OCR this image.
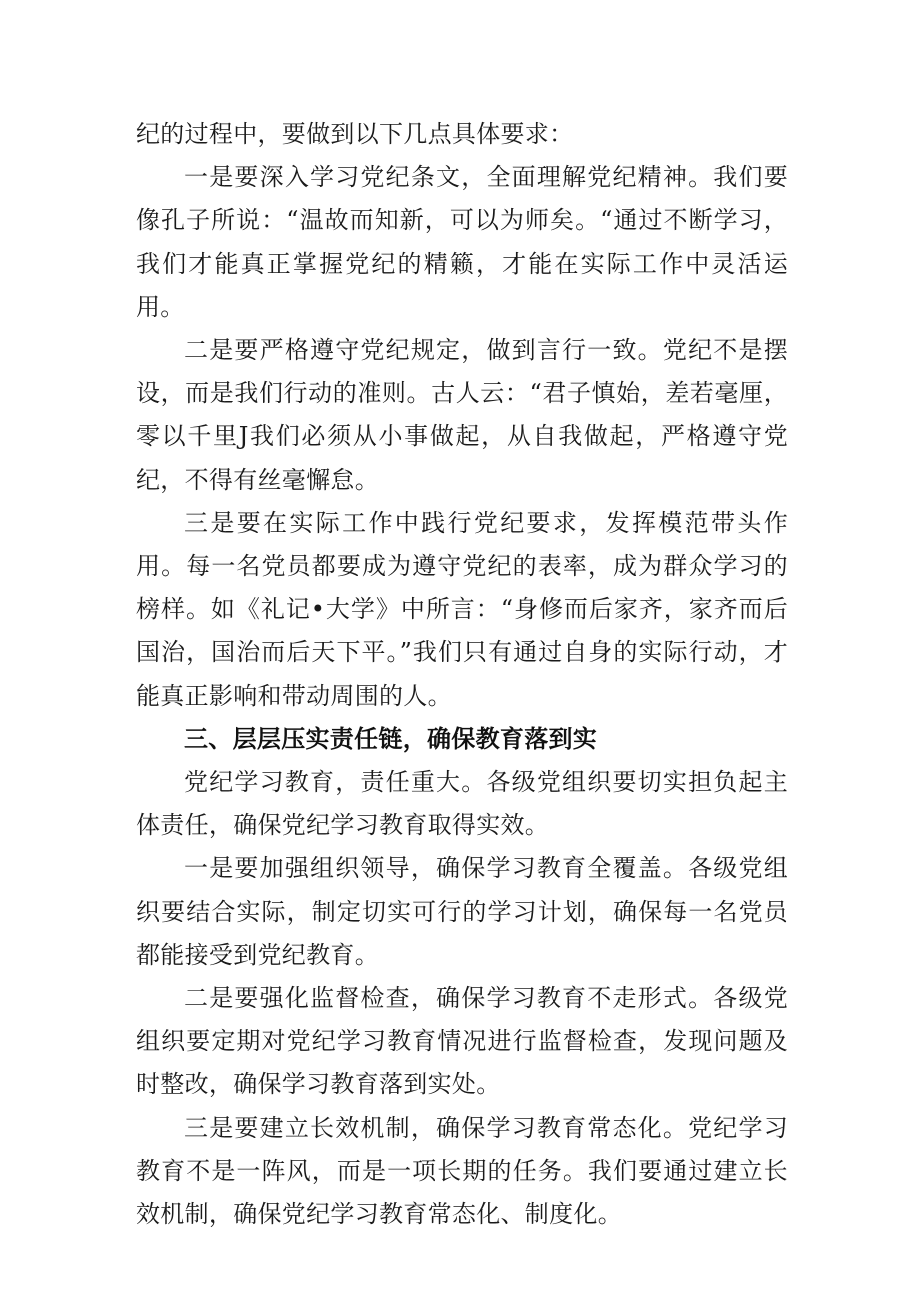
纪的过程中，要做到以下几点具体要求：

一是要深入学习党纪条文，全面理解党纪精神。我们要像孔子所说：“温故而知新，可以为师矣。“通过不断学习，我们才能真正掌握党纪的精籁，才能在实际工作中灵活运用。

二是要严格遵守党纪规定，做到言行一致。党纪不是摆设，而是我们行动的准则。古人云：“君子慎始，差若毫厘，零以千里J我们必须从小事做起，从自我做起，严格遵守党纪，不得有丝毫懈怠。

三是要在实际工作中践行党纪要求，发挥模范带头作用。每一名党员都要成为遵守党纪的表率，成为群众学习的榜样。如《礼记•大学》中所言：“身修而后家齐，家齐而后国治，国治而后天下平。”我们只有通过自身的实际行动，才能真正影响和带动周围的人。

三、层层压实责任链，确保教育落到实

党纪学习教育，责任重大。各级党组织要切实担负起主体责任，确保党纪学习教育取得实效。

一是要加强组织领导，确保学习教育全覆盖。各级党组织要结合实际，制定切实可行的学习计划，确保每一名党员都能接受到党纪教育。

二是要强化监督检查，确保学习教育不走形式。各级党组织要定期对党纪学习教育情况进行监督检查，发现问题及时整改，确保学习教育落到实处。

三是要建立长效机制，确保学习教育常态化。党纪学习教育不是一阵风，而是一项长期的任务。我们要通过建立长效机制，确保党纪学习教育常态化、制度化。
